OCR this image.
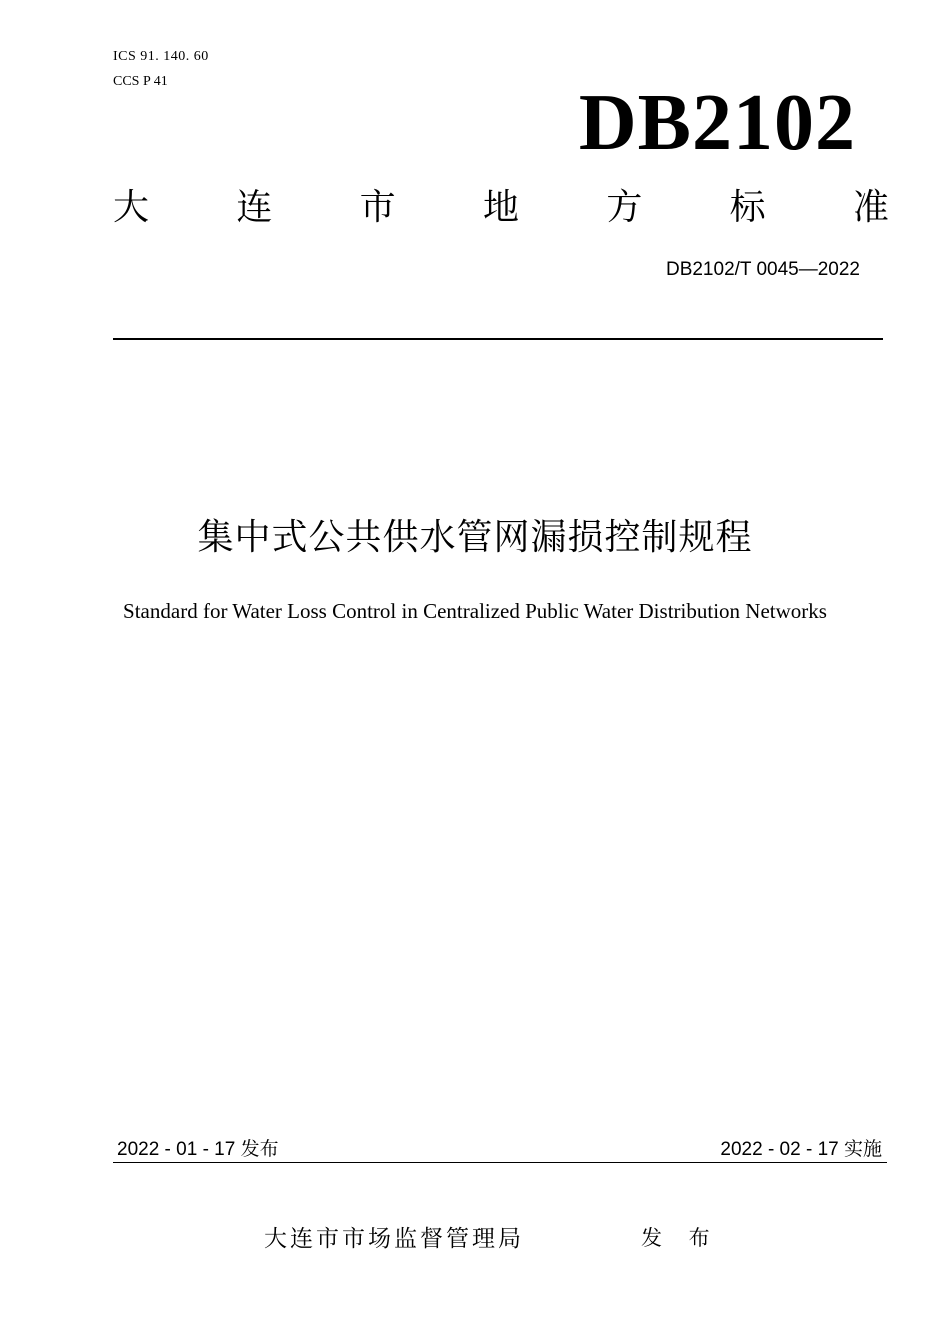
ICS 91. 140. 60
CCS P 41	DB2102
大 连 市 地 方 标 准
DB2102/T 0045—2022
集中式公共供水管网漏损控制规程
Standard for Water Loss Control in Centralized Public Water Distribution Networks
2022 - 01 - 17 发布	2022 - 02 - 17 实施
大连市市场监督管理局	发 布
